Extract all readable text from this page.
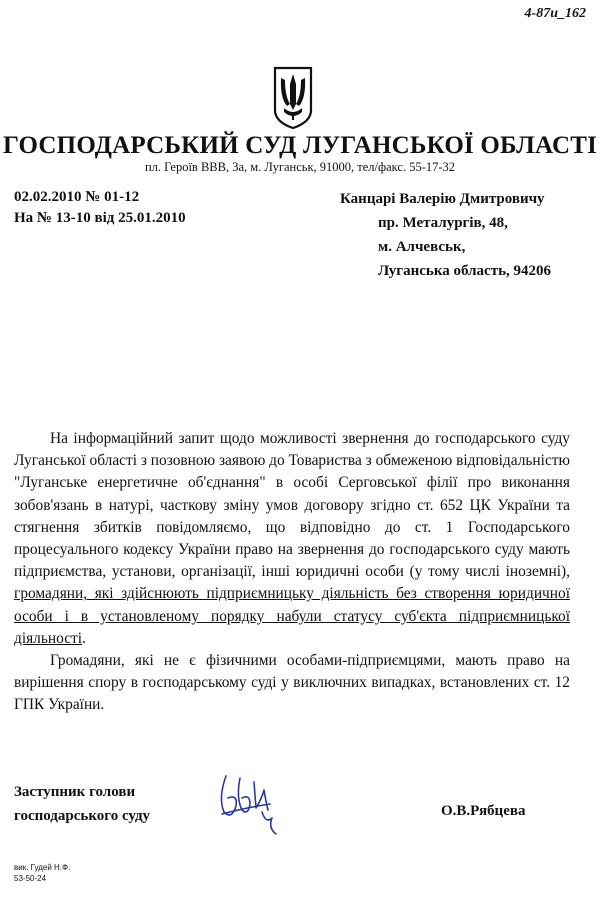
4-87u_162
ГОСПОДАРСЬКИЙ СУД ЛУГАНСЬКОЇ ОБЛАСТІ
пл. Героїв ВВВ, 3а, м. Луганськ, 91000, тел/факс. 55-17-32
02.02.2010 № 01-12
На № 13-10 від 25.01.2010
Канцарі Валерію Дмитровичу
пр. Металургів, 48,
м. Алчевськ,
Луганська область, 94206

На інформаційний запит щодо можливості звернення до господарського суду Луганської області з позовною заявою до Товариства з обмеженою відповідальністю "Луганське енергетичне об'єднання" в особі Серговської філії про виконання зобов'язань в натурі, часткову зміну умов договору згідно ст. 652 ЦК України та стягнення збитків повідомляємо, що відповідно до ст. 1 Господарського процесуального кодексу України право на звернення до господарського суду мають підприємства, установи, організації, інші юридичні особи (у тому числі іноземні), громадяни, які здійснюють підприємницьку діяльність без створення юридичної особи і в установленому порядку набули статусу суб'єкта підприємницької діяльності.

Громадяни, які не є фізичними особами-підприємцями, мають право на вирішення спору в господарському суді у виключних випадках, встановлених ст. 12 ГПК України.

Заступник голови
господарського суду	О.В.Рябцева
вик. Гудей Н.Ф.
53-50-24
